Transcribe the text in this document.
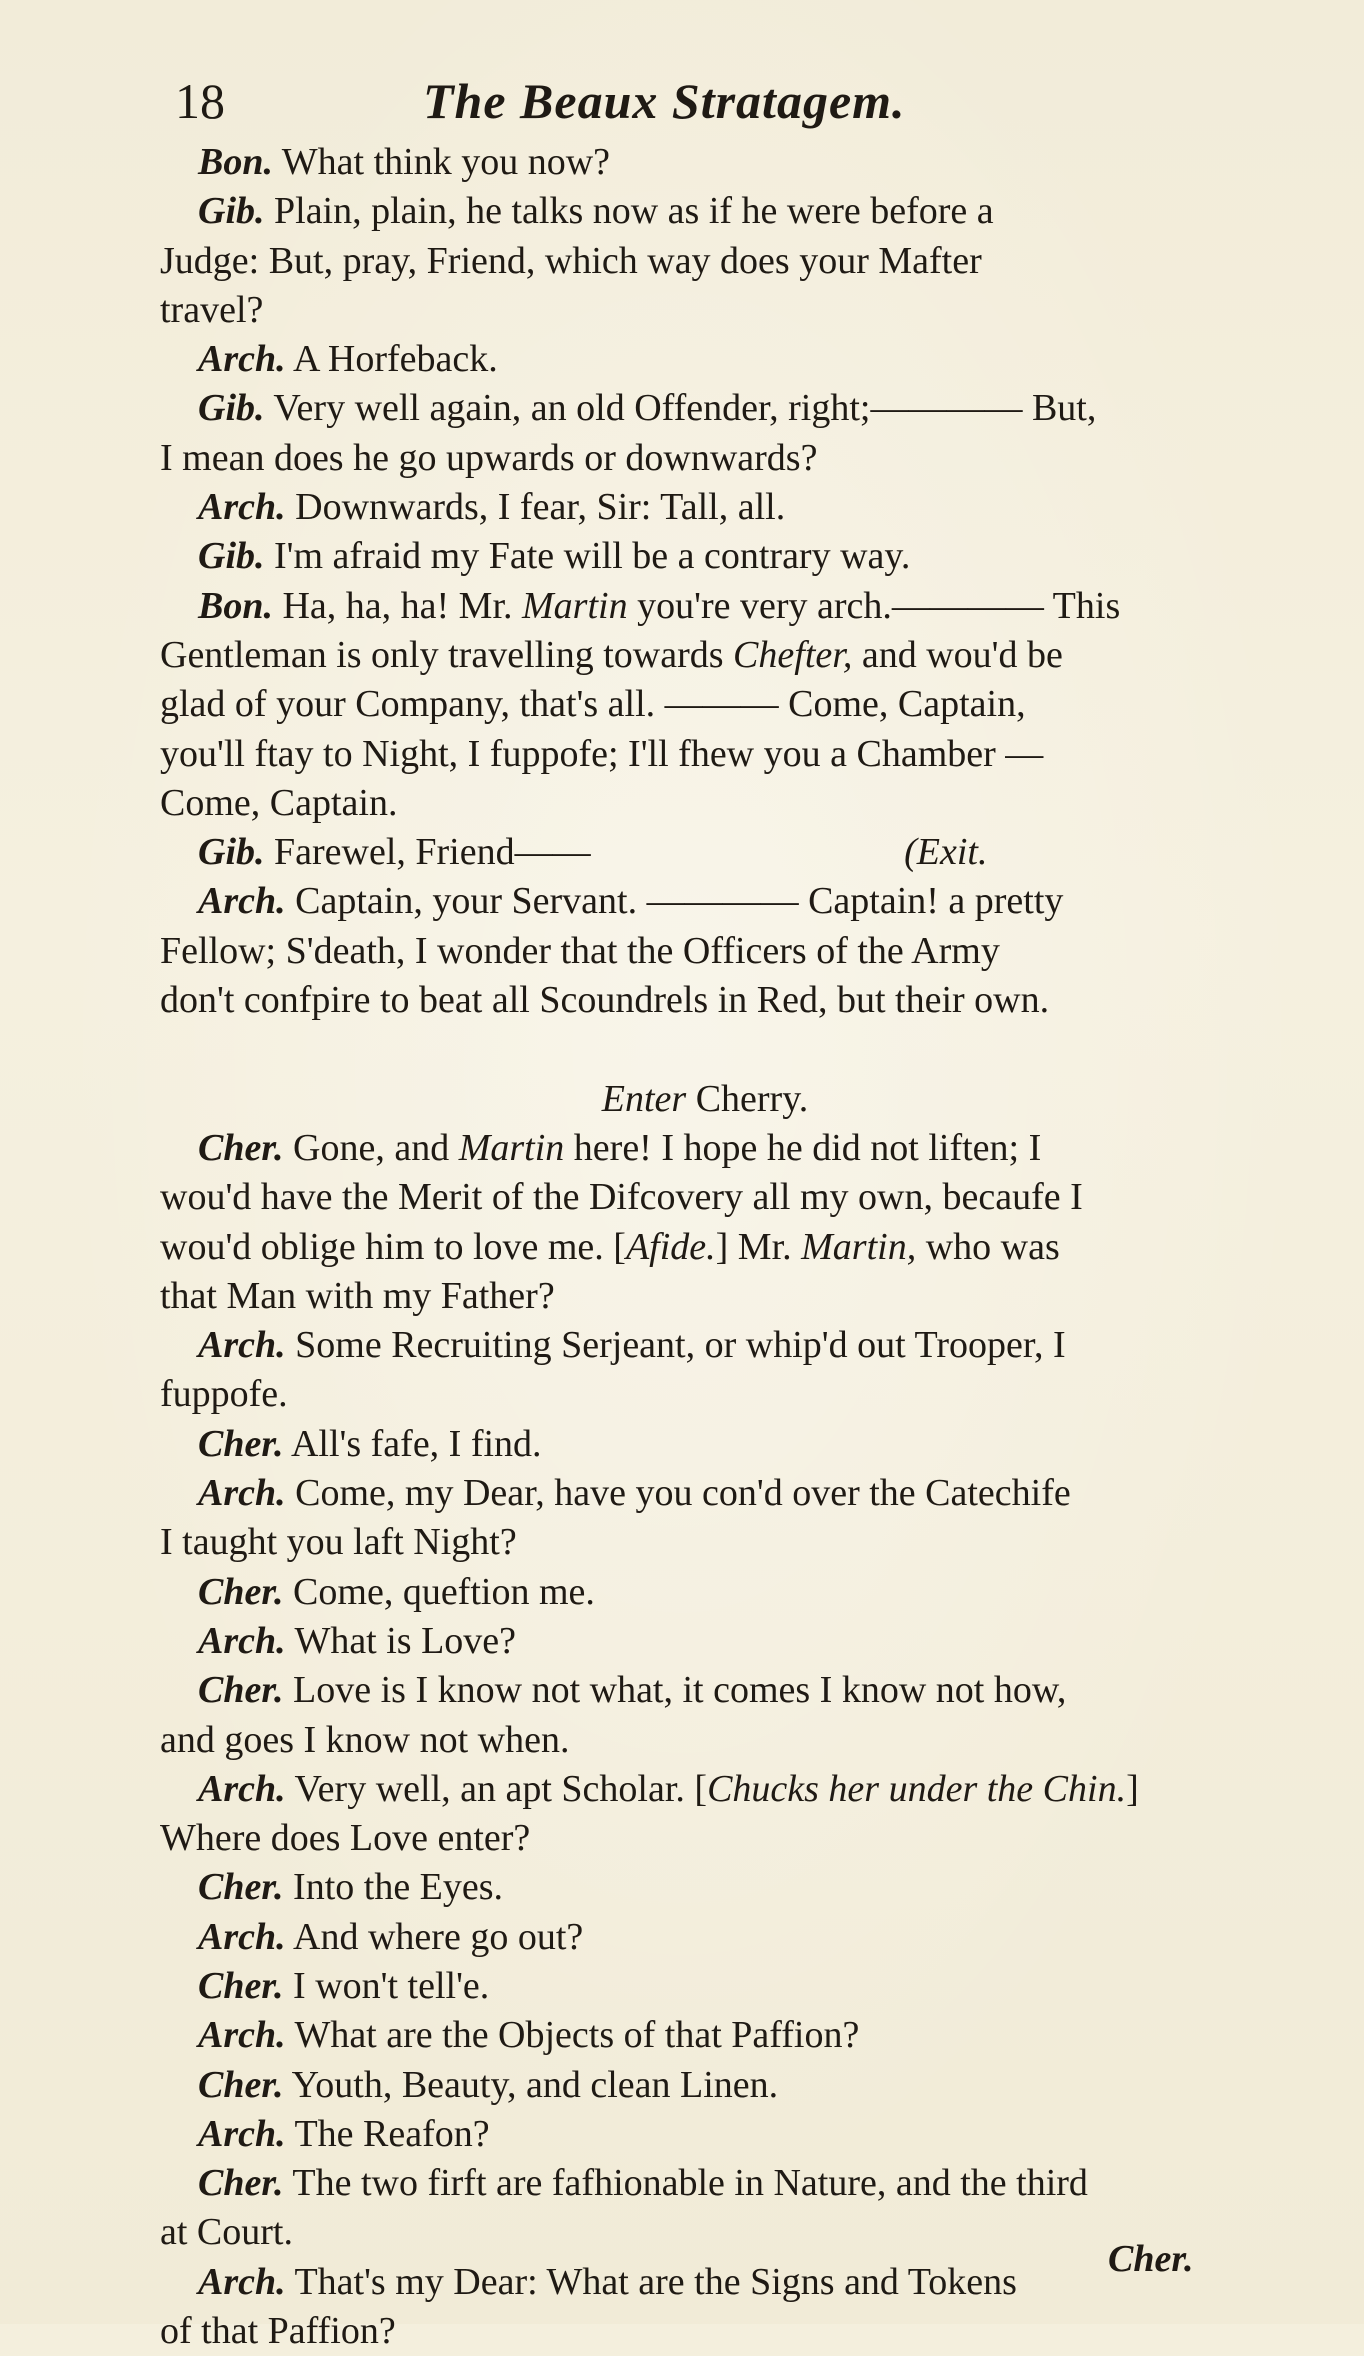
18	The Beaux Stratagem.
Bon. What think you now?
Gib. Plain, plain, he talks now as if he were before a
Judge: But, pray, Friend, which way does your Mafter
travel?
Arch. A Horfeback.
Gib. Very well again, an old Offender, right;———— But,
I mean does he go upwards or downwards?
Arch. Downwards, I fear, Sir: Tall, all.
Gib. I'm afraid my Fate will be a contrary way.
Bon. Ha, ha, ha! Mr. Martin you're very arch.———— This
Gentleman is only travelling towards Chefter, and wou'd be
glad of your Company, that's all. ——— Come, Captain,
you'll ftay to Night, I fuppofe; I'll fhew you a Chamber —
Come, Captain.
Gib. Farewel, Friend——                                 (Exit.
Arch. Captain, your Servant. ———— Captain! a pretty
Fellow; S'death, I wonder that the Officers of the Army
don't confpire to beat all Scoundrels in Red, but their own.
Enter Cherry.
Cher. Gone, and Martin here! I hope he did not liften; I
wou'd have the Merit of the Difcovery all my own, becaufe I
wou'd oblige him to love me. [Afide.] Mr. Martin, who was
that Man with my Father?
Arch. Some Recruiting Serjeant, or whip'd out Trooper, I
fuppofe.
Cher. All's fafe, I find.
Arch. Come, my Dear, have you con'd over the Catechife
I taught you laft Night?
Cher. Come, queftion me.
Arch. What is Love?
Cher. Love is I know not what, it comes I know not how,
and goes I know not when.
Arch. Very well, an apt Scholar. [Chucks her under the Chin.]
Where does Love enter?
Cher. Into the Eyes.
Arch. And where go out?
Cher. I won't tell'e.
Arch. What are the Objects of that Paffion?
Cher. Youth, Beauty, and clean Linen.
Arch. The Reafon?
Cher. The two firft are fafhionable in Nature, and the third
at Court.
Arch. That's my Dear: What are the Signs and Tokens
of that Paffion?
Cher.
